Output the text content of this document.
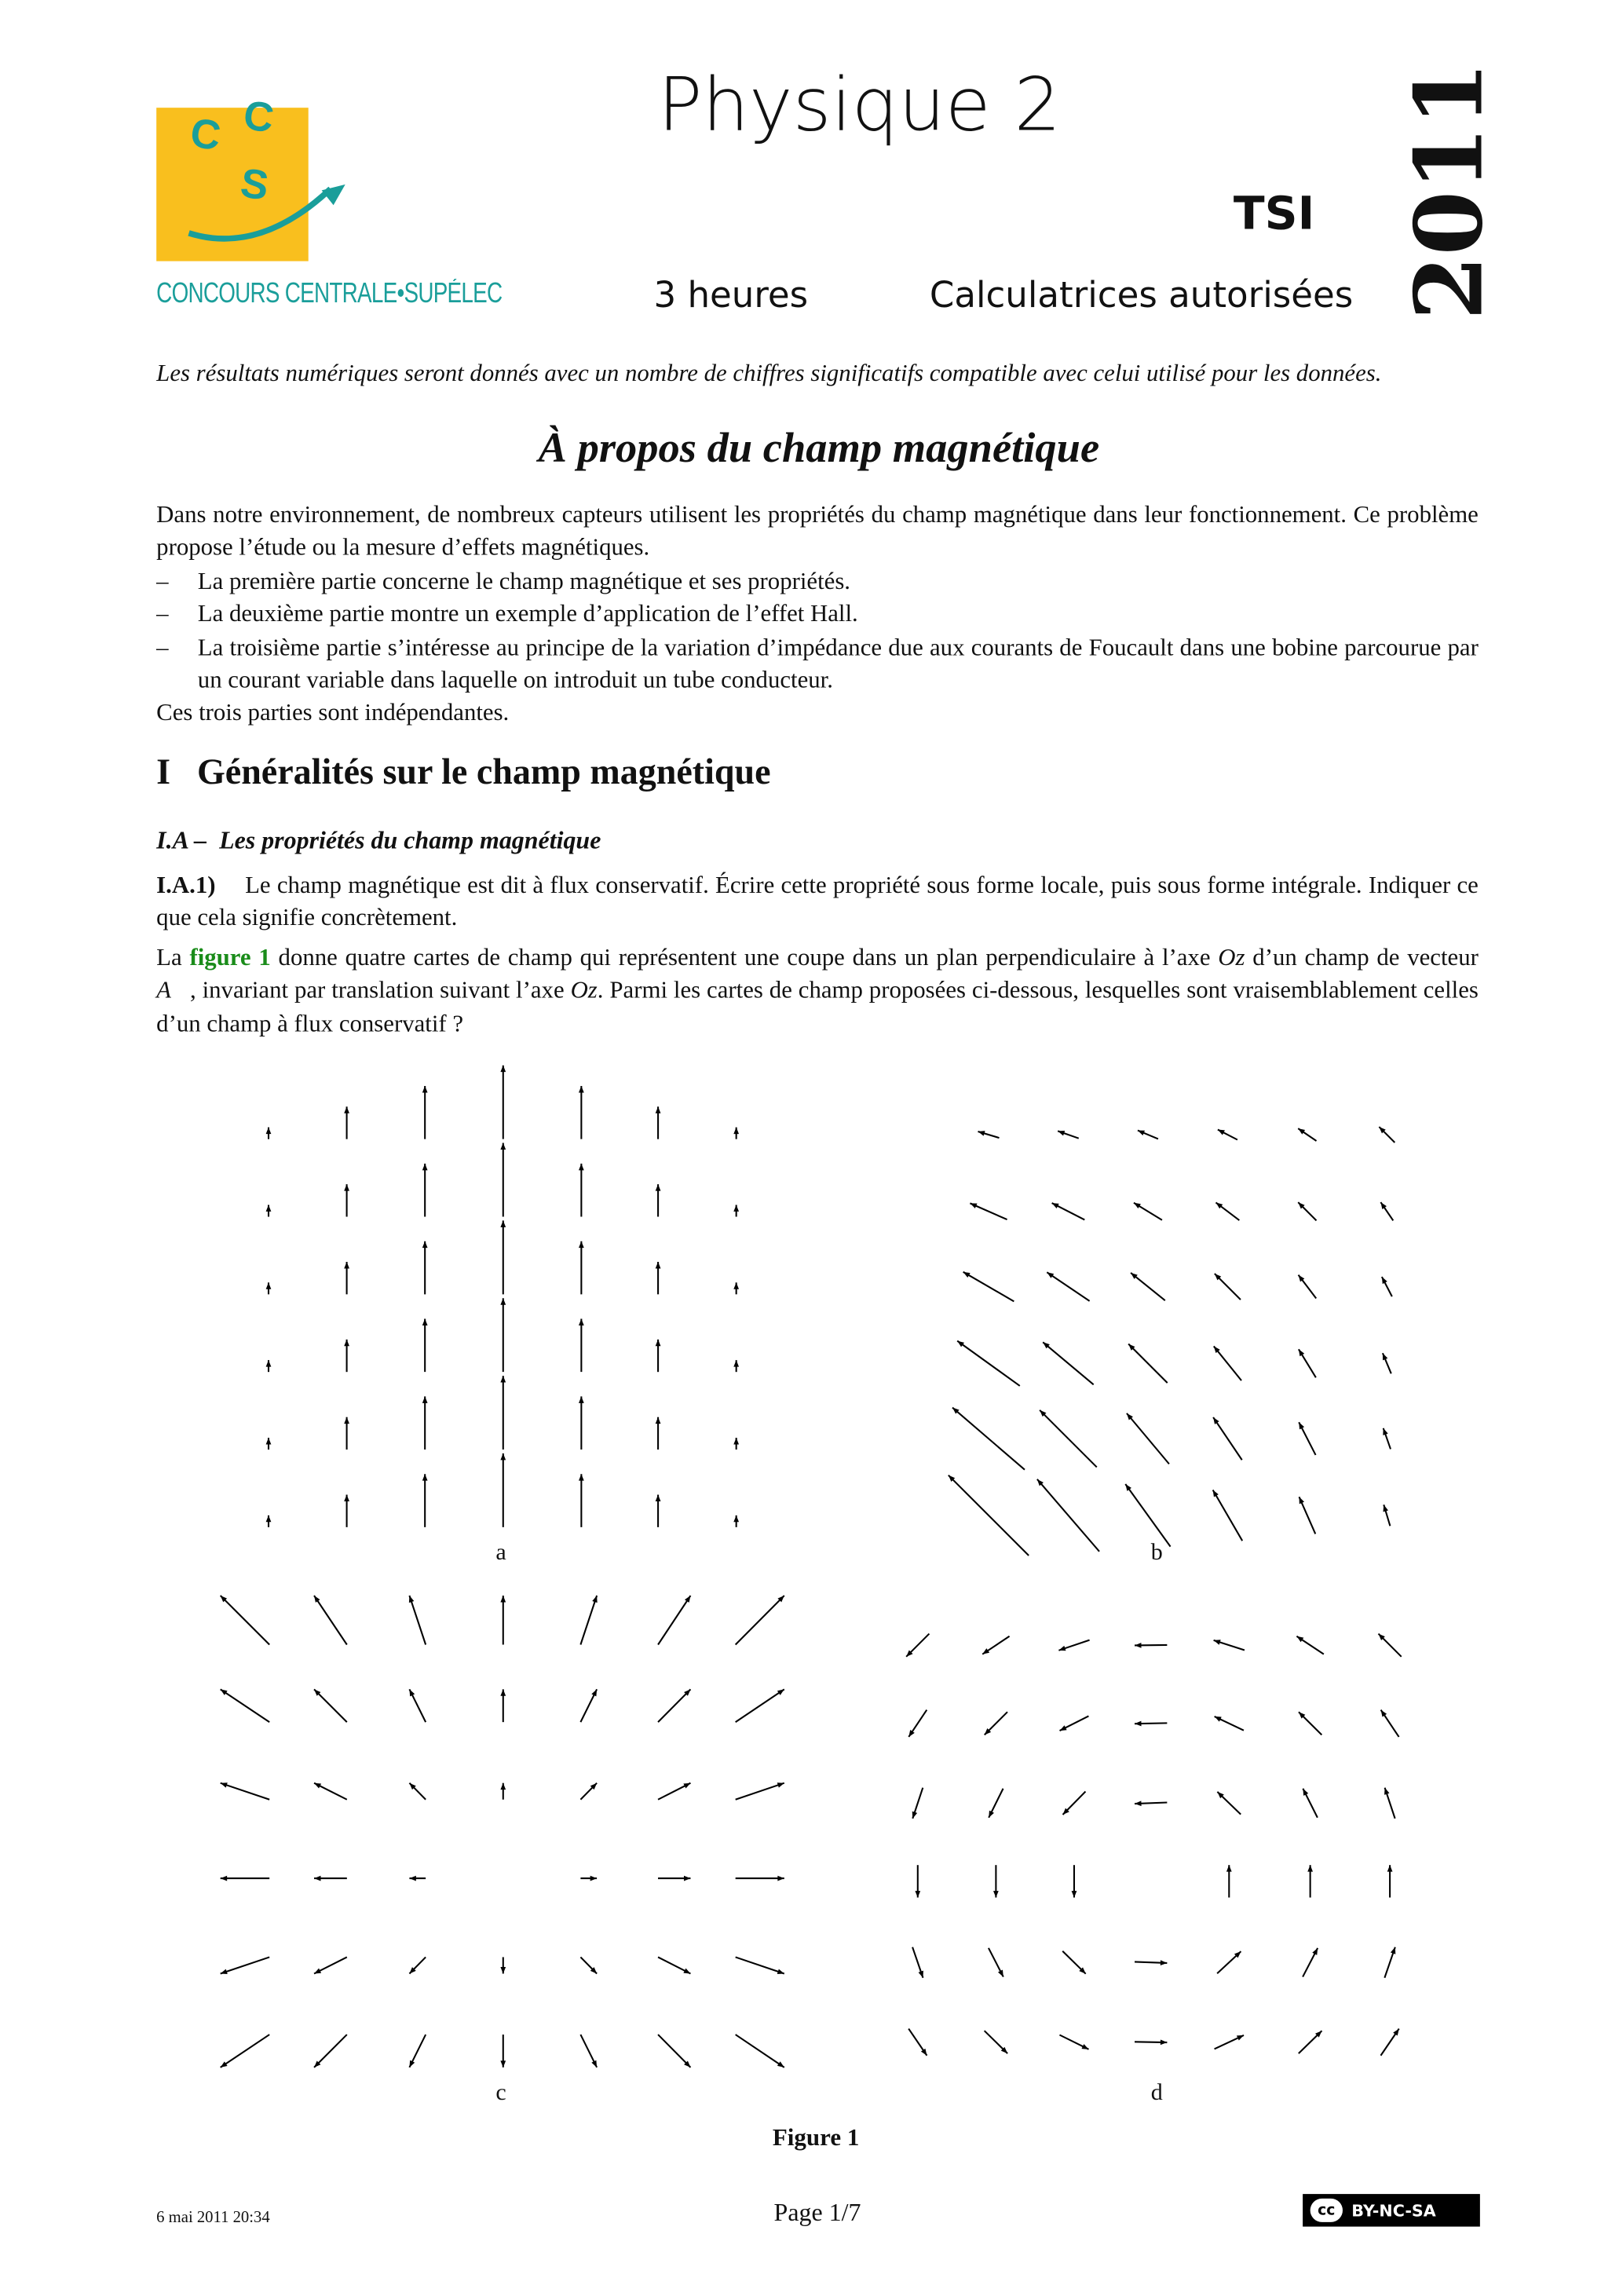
C C
S
CONCOURS CENTRALE•SUPÉLEC
Physique 2
TSI 2011
3 heures	Calculatrices autorisées
Les résultats numériques seront donnés avec un nombre de chiffres significatifs compatible avec celui utilisé pour les données.
À propos du champ magnétique
Dans notre environnement, de nombreux capteurs utilisent les propriétés du champ magnétique dans leur fonctionnement. Ce problème propose l’étude ou la mesure d’effets magnétiques.
–	La première partie concerne le champ magnétique et ses propriétés.
–	La deuxième partie montre un exemple d’application de l’effet Hall.
–	La troisième partie s’intéresse au principe de la variation d’impédance due aux courants de Foucault dans une bobine parcourue par un courant variable dans laquelle on introduit un tube conducteur.
Ces trois parties sont indépendantes.
I Généralités sur le champ magnétique
I.A – Les propriétés du champ magnétique
I.A.1) Le champ magnétique est dit à flux conservatif. Écrire cette propriété sous forme locale, puis sous forme intégrale. Indiquer ce que cela signifie concrètement.
La figure 1 donne quatre cartes de champ qui représentent une coupe dans un plan perpendiculaire à l’axe Oz d’un champ de vecteur A⃗, invariant par translation suivant l’axe Oz. Parmi les cartes de champ proposées ci-dessous, lesquelles sont vraisemblablement celles d’un champ à flux conservatif ?
a	b
c	d
Figure 1
6 mai 2011 20:34	Page 1/7	cc	BY-NC-SA
